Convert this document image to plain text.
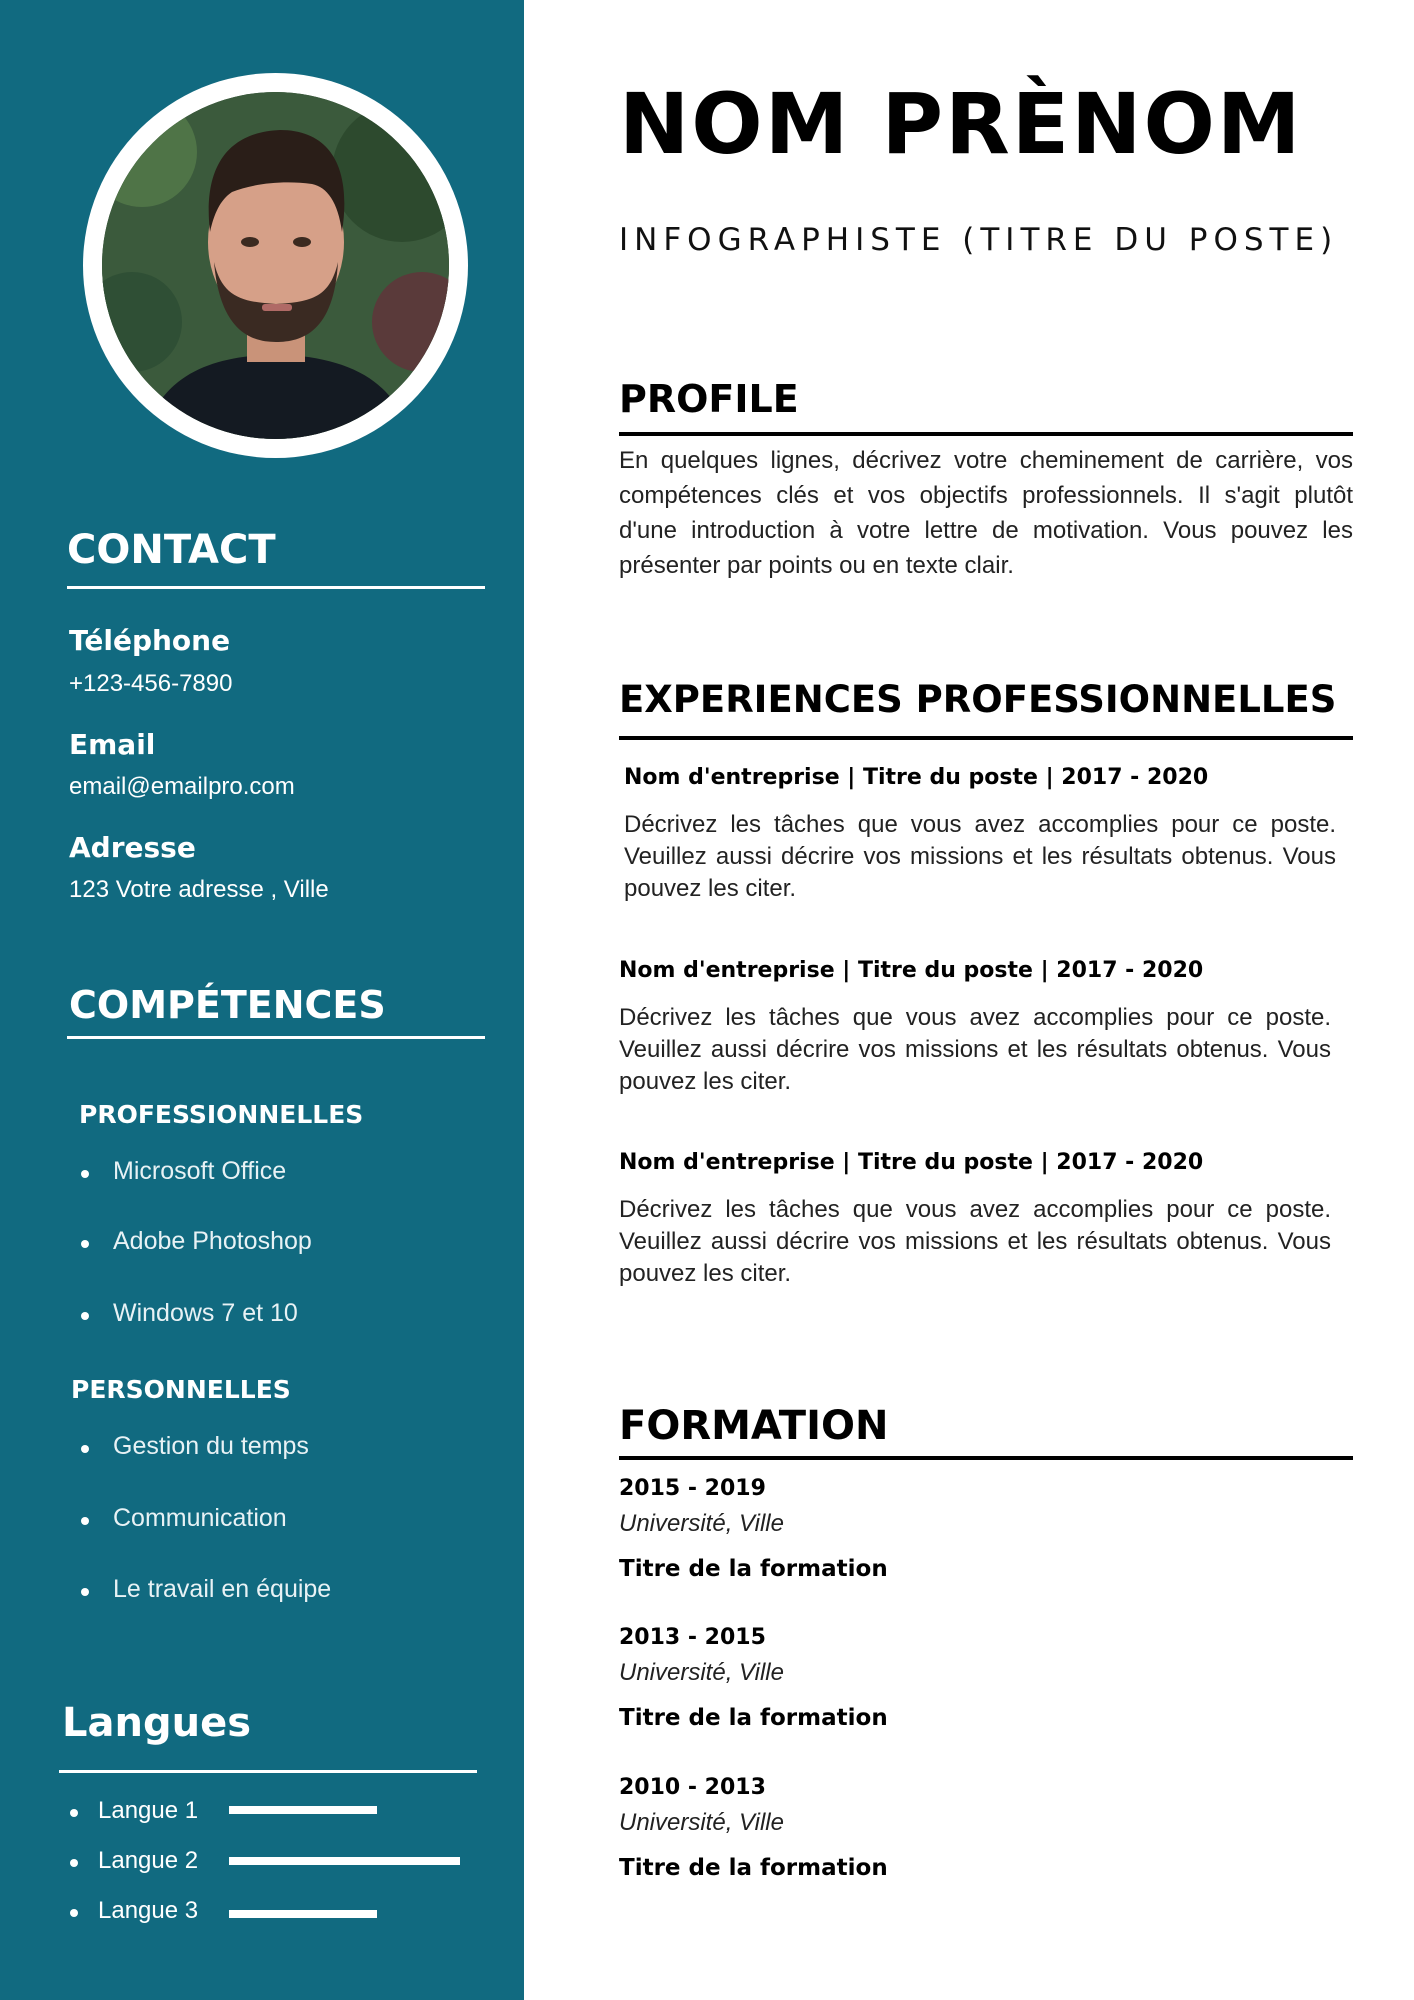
CONTACT
Téléphone
+123-456-7890
Email
email@emailpro.com
Adresse
123 Votre adresse , Ville
COMPÉTENCES
PROFESSIONNELLES
Microsoft Office
Adobe Photoshop
Windows 7 et 10
PERSONNELLES
Gestion du temps
Communication
Le travail en équipe
Langues
Langue 1
Langue 2
Langue 3
NOM PRÈNOM
INFOGRAPHISTE (TITRE DU POSTE)
PROFILE
En quelques lignes, décrivez votre cheminement de carrière, vos compétences clés et vos objectifs professionnels. Il s'agit plutôt d'une introduction à votre lettre de motivation. Vous pouvez les présenter par points ou en texte clair.
EXPERIENCES PROFESSIONNELLES
Nom d'entreprise | Titre du poste | 2017 - 2020
Décrivez les tâches que vous avez accomplies pour ce poste. Veuillez aussi décrire vos missions et les résultats obtenus. Vous pouvez les citer.
Nom d'entreprise | Titre du poste | 2017 - 2020
Décrivez les tâches que vous avez accomplies pour ce poste. Veuillez aussi décrire vos missions et les résultats obtenus. Vous pouvez les citer.
Nom d'entreprise | Titre du poste | 2017 - 2020
Décrivez les tâches que vous avez accomplies pour ce poste. Veuillez aussi décrire vos missions et les résultats obtenus. Vous pouvez les citer.
FORMATION
2015 - 2019
Université, Ville
Titre de la formation
2013 - 2015
Université, Ville
Titre de la formation
2010 - 2013
Université, Ville
Titre de la formation
